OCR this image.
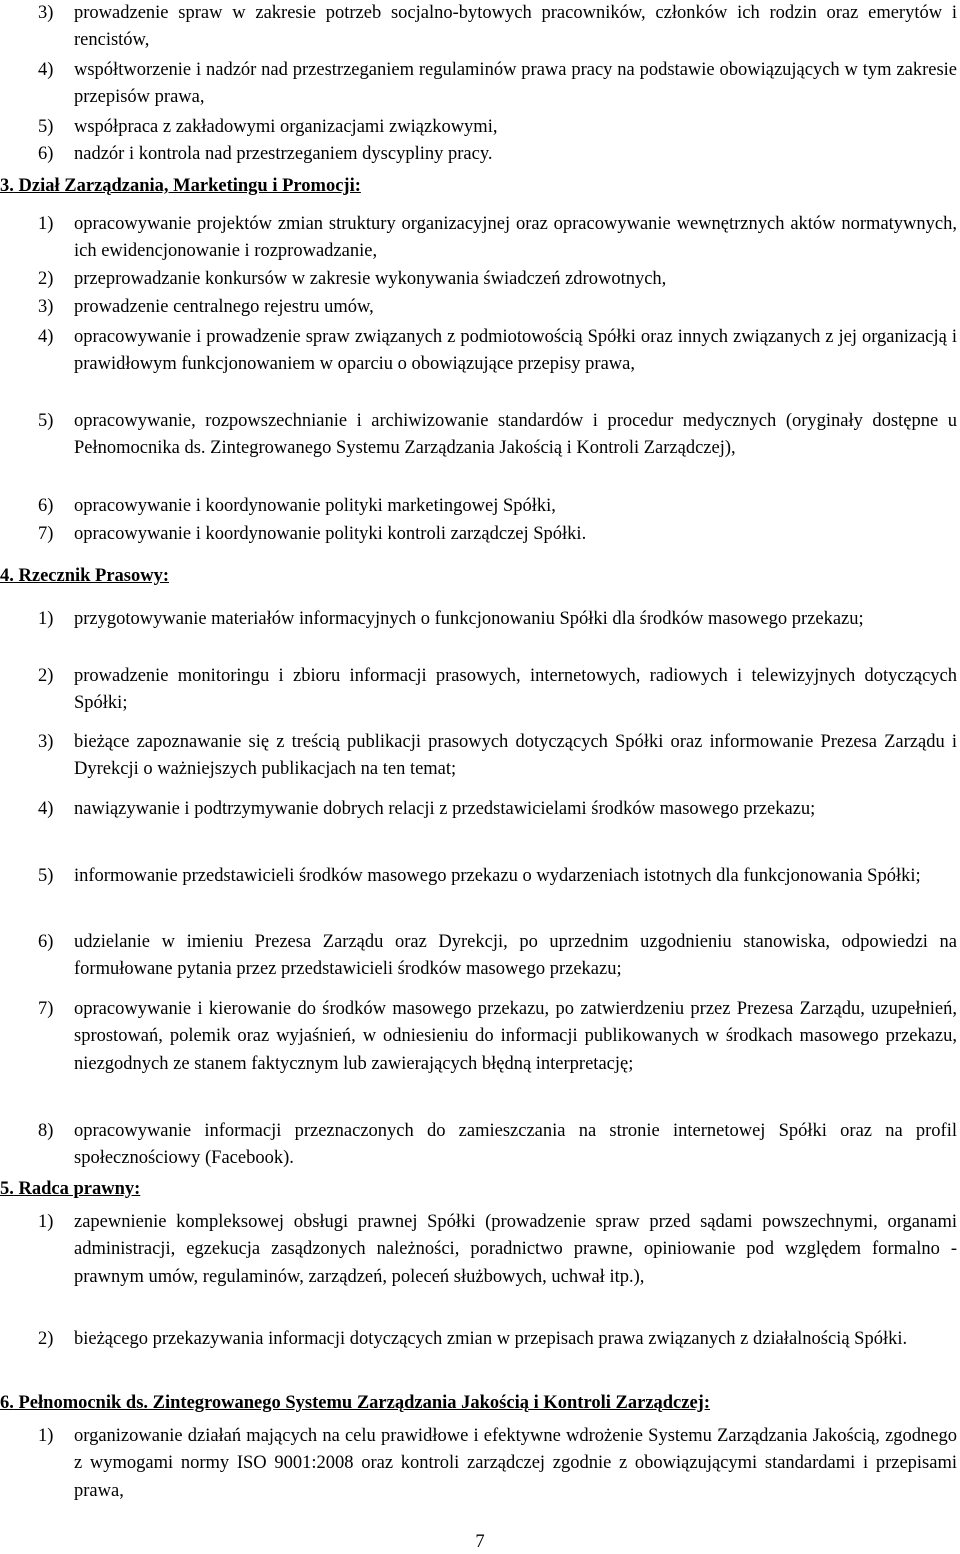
3) prowadzenie spraw w zakresie potrzeb socjalno-bytowych pracowników, członków ich rodzin oraz emerytów i rencistów,
4) współtworzenie i nadzór nad przestrzeganiem regulaminów prawa pracy na podstawie obowiązujących w tym zakresie przepisów prawa,
5) współpraca z zakładowymi organizacjami związkowymi,
6) nadzór i kontrola nad przestrzeganiem dyscypliny pracy.
3. Dział Zarządzania, Marketingu i Promocji:
1) opracowywanie projektów zmian struktury organizacyjnej oraz opracowywanie wewnętrznych aktów normatywnych, ich ewidencjonowanie i rozprowadzanie,
2) przeprowadzanie konkursów w zakresie wykonywania świadczeń zdrowotnych,
3) prowadzenie centralnego rejestru umów,
4) opracowywanie i prowadzenie spraw związanych z podmiotowością Spółki oraz innych związanych z jej organizacją i prawidłowym funkcjonowaniem w oparciu o obowiązujące przepisy prawa,
5) opracowywanie, rozpowszechnianie i archiwizowanie standardów i procedur medycznych (oryginały dostępne u Pełnomocnika ds. Zintegrowanego Systemu Zarządzania Jakością i Kontroli Zarządczej),
6) opracowywanie i koordynowanie polityki marketingowej Spółki,
7) opracowywanie i koordynowanie polityki kontroli zarządczej Spółki.
4. Rzecznik Prasowy:
1) przygotowywanie materiałów informacyjnych o funkcjonowaniu Spółki dla środków masowego przekazu;
2) prowadzenie monitoringu i zbioru informacji prasowych, internetowych, radiowych i telewizyjnych dotyczących Spółki;
3) bieżące zapoznawanie się z treścią publikacji prasowych dotyczących Spółki oraz informowanie Prezesa Zarządu i Dyrekcji o ważniejszych publikacjach na ten temat;
4) nawiązywanie i podtrzymywanie dobrych relacji z przedstawicielami środków masowego przekazu;
5) informowanie przedstawicieli środków masowego przekazu o wydarzeniach istotnych dla funkcjonowania Spółki;
6) udzielanie w imieniu Prezesa Zarządu oraz Dyrekcji, po uprzednim uzgodnieniu stanowiska, odpowiedzi na formułowane pytania przez przedstawicieli środków masowego przekazu;
7) opracowywanie i kierowanie do środków masowego przekazu, po zatwierdzeniu przez Prezesa Zarządu, uzupełnień, sprostowań, polemik oraz wyjaśnień, w odniesieniu do informacji publikowanych w środkach masowego przekazu, niezgodnych ze stanem faktycznym lub zawierających błędną interpretację;
8) opracowywanie informacji przeznaczonych do zamieszczania na stronie internetowej Spółki oraz na profil społecznościowy (Facebook).
5. Radca prawny:
1) zapewnienie kompleksowej obsługi prawnej Spółki (prowadzenie spraw przed sądami powszechnymi, organami administracji, egzekucja zasądzonych należności, poradnictwo prawne, opiniowanie pod względem formalno - prawnym umów, regulaminów, zarządzeń, poleceń służbowych, uchwał itp.),
2) bieżącego przekazywania informacji dotyczących zmian w przepisach prawa związanych z działalnością Spółki.
6. Pełnomocnik ds. Zintegrowanego Systemu Zarządzania Jakością i Kontroli Zarządczej:
1) organizowanie działań mających na celu prawidłowe i efektywne wdrożenie Systemu Zarządzania Jakością, zgodnego z wymogami normy ISO 9001:2008 oraz kontroli zarządczej zgodnie z obowiązującymi standardami i przepisami prawa,
7
